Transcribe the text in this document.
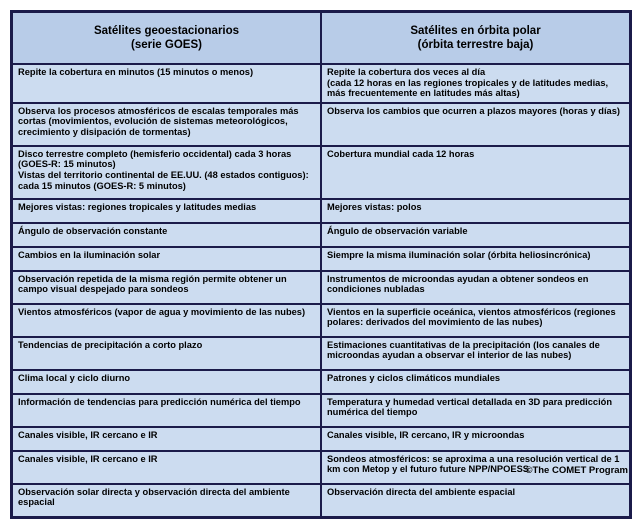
Satélites geoestacionarios
(serie GOES)	Satélites en órbita polar
(órbita terrestre baja)

Repite la cobertura en minutos (15 minutos o menos)	Repite la cobertura dos veces al día
(cada 12 horas en las regiones tropicales y de latitudes medias, más frecuentemente en latitudes más altas)

Observa los procesos atmosféricos de escalas temporales más cortas (movimientos, evolución de sistemas meteorológicos, crecimiento y disipación de tormentas)	Observa los cambios que ocurren a plazos mayores (horas y días)

Disco terrestre completo (hemisferio occidental) cada 3 horas (GOES-R: 15 minutos)
Vistas del territorio continental de EE.UU. (48 estados contiguos): cada 15 minutos (GOES-R: 5 minutos)	Cobertura mundial cada 12 horas

Mejores vistas: regiones tropicales y latitudes medias	Mejores vistas: polos

Ángulo de observación constante	Ángulo de observación variable

Cambios en la iluminación solar	Siempre la misma iluminación solar (órbita heliosincrónica)

Observación repetida de la misma región permite obtener un campo visual despejado para sondeos	Instrumentos de microondas ayudan a obtener sondeos en condiciones nubladas

Vientos atmosféricos (vapor de agua y movimiento de las nubes)	Vientos en la superficie oceánica, vientos atmosféricos (regiones polares: derivados del movimiento de las nubes)

Tendencias de precipitación a corto plazo	Estimaciones cuantitativas de la precipitación (los canales de microondas ayudan a observar el interior de las nubes)

Clima local y ciclo diurno	Patrones y ciclos climáticos mundiales

Información de tendencias para predicción numérica del tiempo	Temperatura y humedad vertical detallada en 3D para predicción numérica del tiempo

Canales visible, IR cercano e IR	Canales visible, IR cercano, IR y microondas

Canales visible, IR cercano e IR	Sondeos atmosféricos: se aproxima a una resolución vertical de 1 km con Metop y el futuro future NPP/NPOESS

Observación solar directa y observación directa del ambiente espacial	Observación directa del ambiente espacial
©The COMET Program
